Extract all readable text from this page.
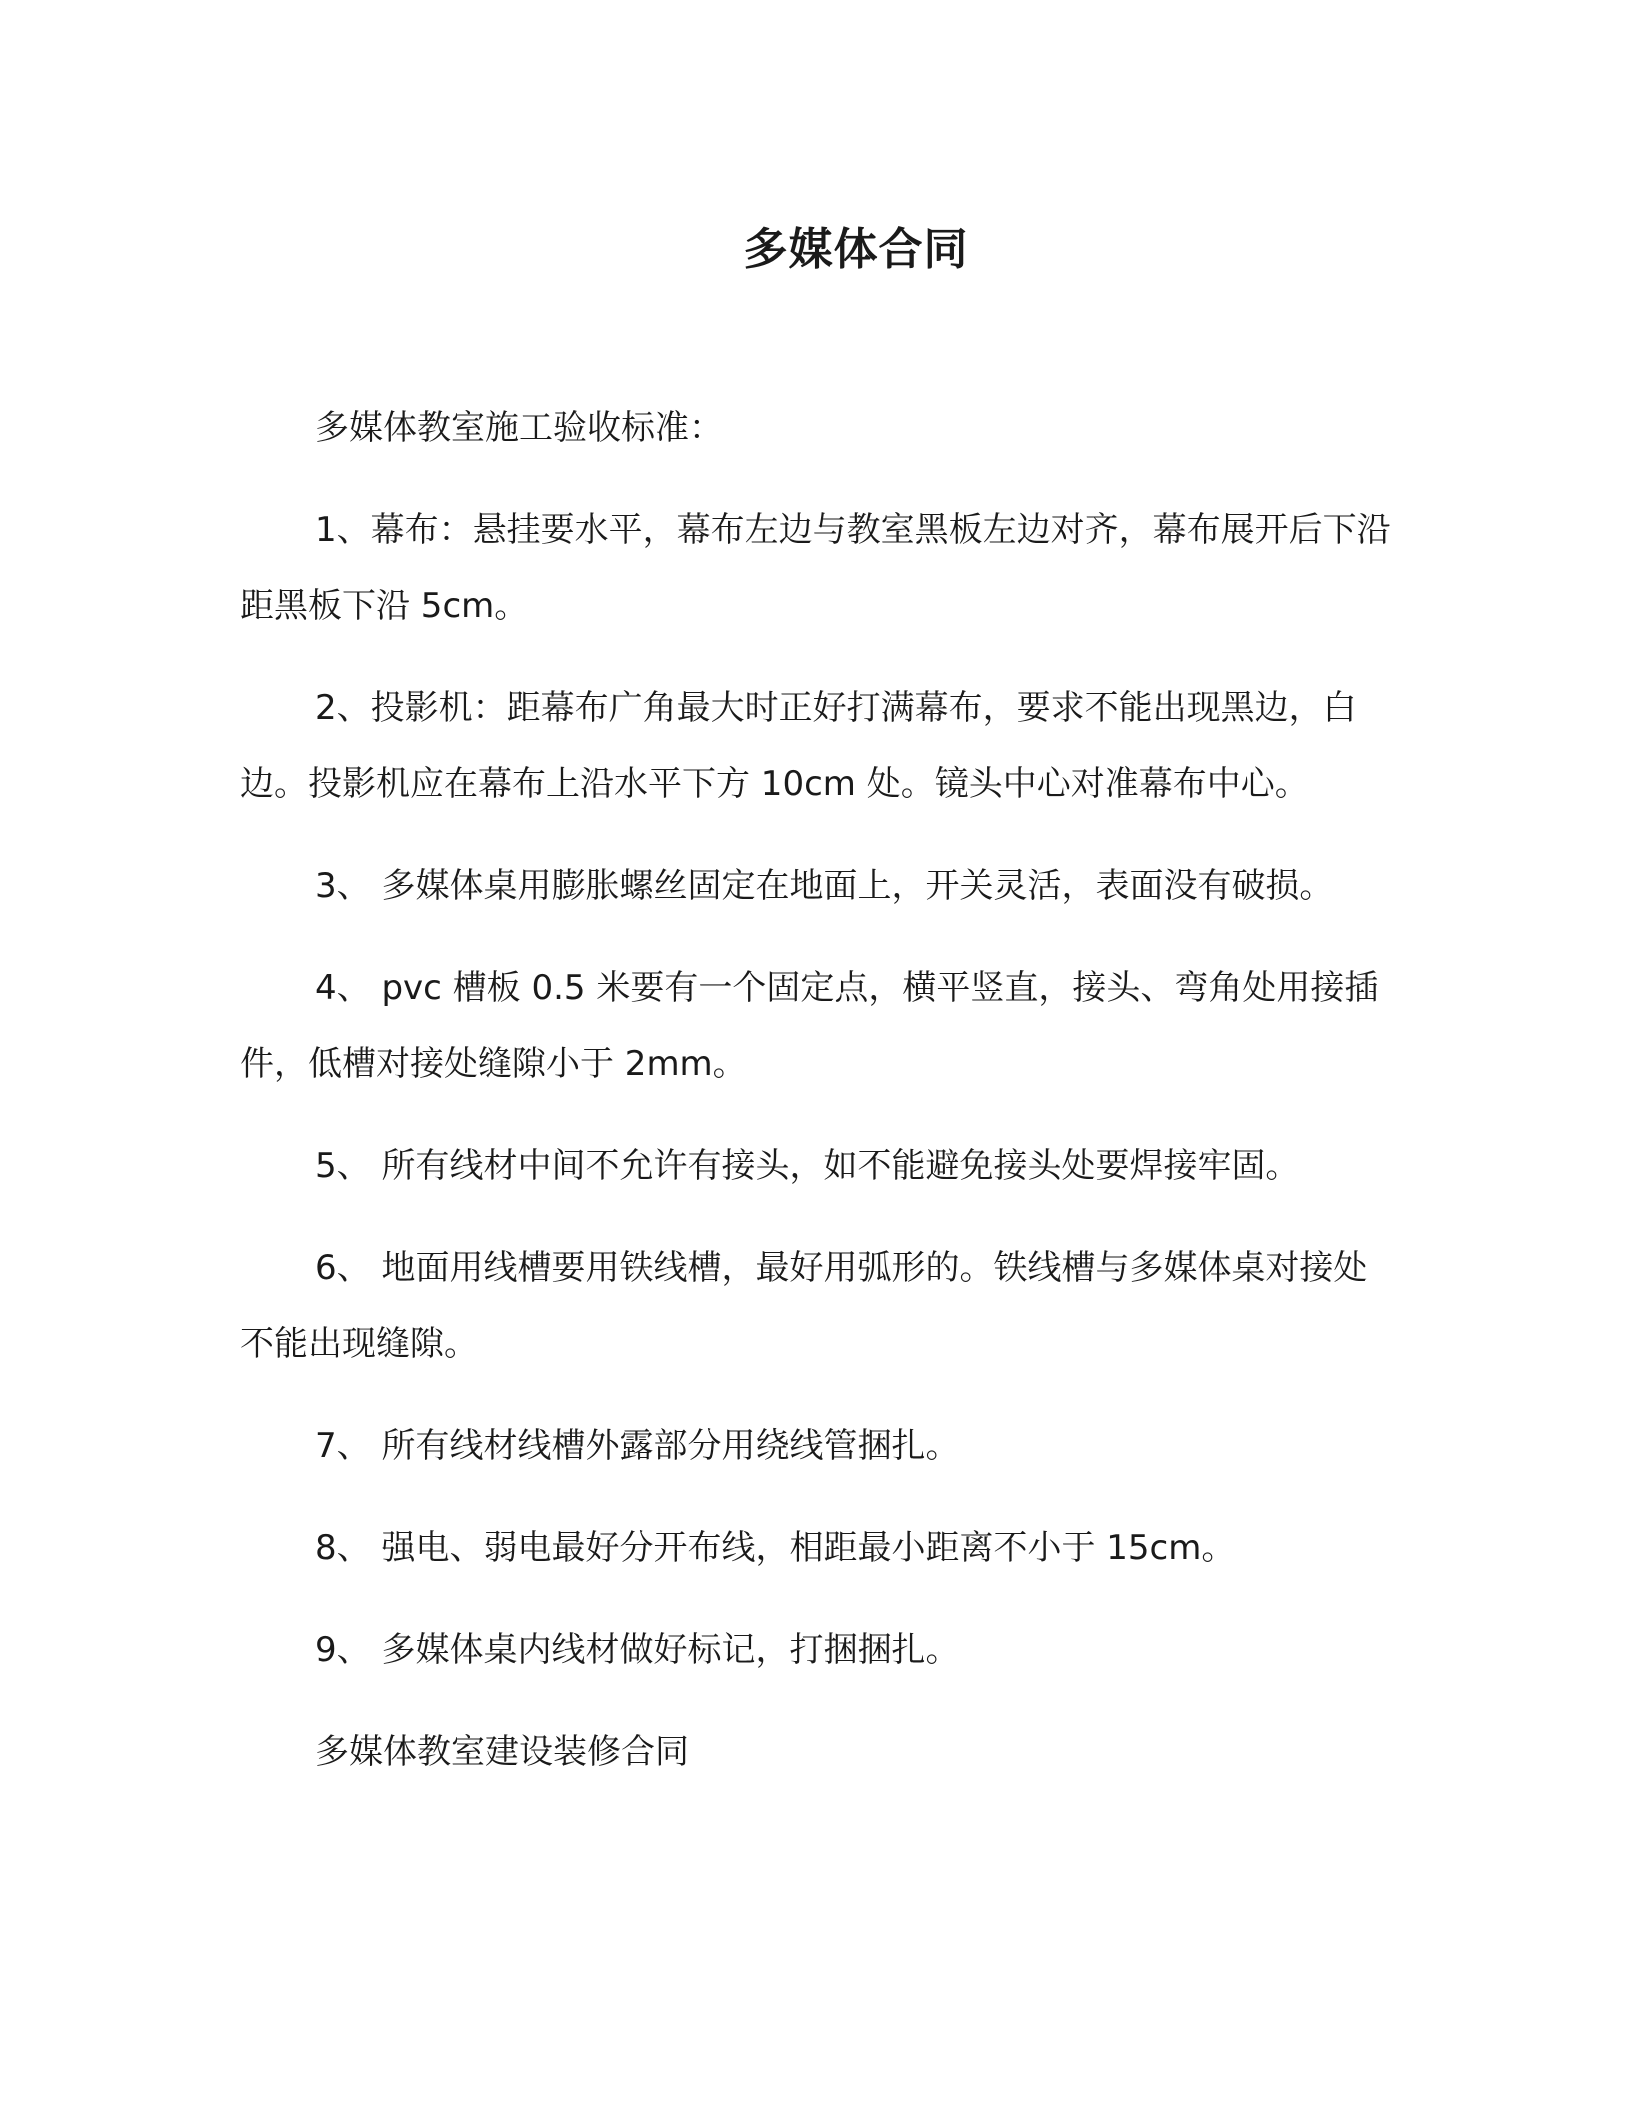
多媒体合同

多媒体教室施工验收标准：

1、幕布：悬挂要水平，幕布左边与教室黑板左边对齐，幕布展开后下沿距黑板下沿 5cm。

2、投影机：距幕布广角最大时正好打满幕布，要求不能出现黑边，白边。投影机应在幕布上沿水平下方 10cm 处。镜头中心对准幕布中心。

3、 多媒体桌用膨胀螺丝固定在地面上，开关灵活，表面没有破损。

4、 pvc 槽板 0.5 米要有一个固定点，横平竖直，接头、弯角处用接插件，低槽对接处缝隙小于 2mm。

5、 所有线材中间不允许有接头，如不能避免接头处要焊接牢固。

6、 地面用线槽要用铁线槽，最好用弧形的。铁线槽与多媒体桌对接处不能出现缝隙。

7、 所有线材线槽外露部分用绕线管捆扎。

8、 强电、弱电最好分开布线，相距最小距离不小于 15cm。

9、 多媒体桌内线材做好标记，打捆捆扎。

多媒体教室建设装修合同
